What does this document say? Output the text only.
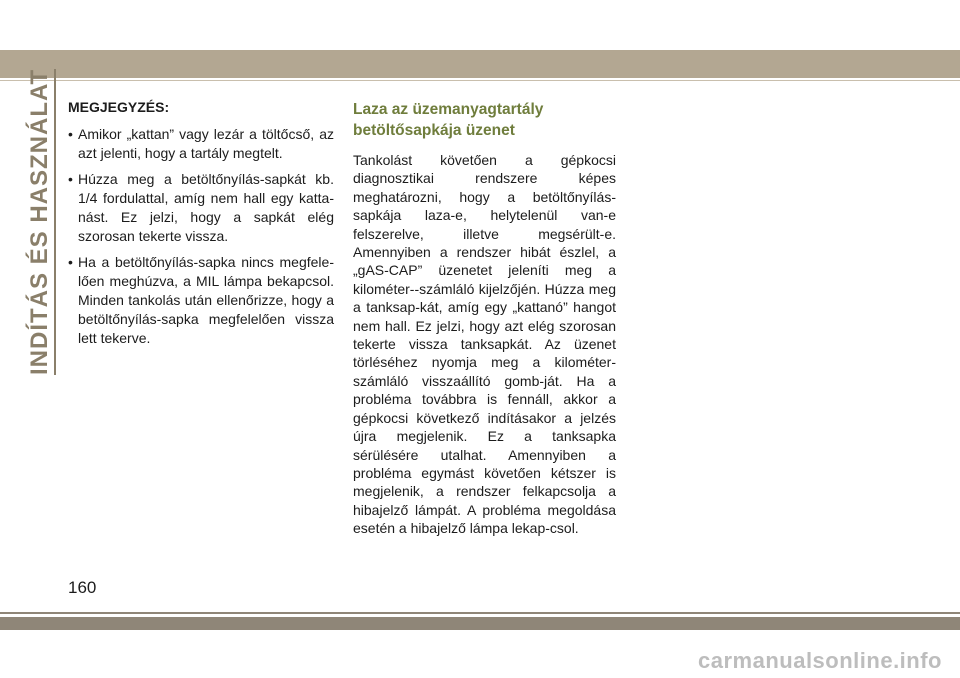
INDÍTÁS ÉS HASZNÁLAT MEGJEGYZÉS:
• Amikor „kattan” vagy lezár a töltőcső, az azt jelenti, hogy a tartály megtelt.
• Húzza meg a betöltőnyílás-sapkát kb. 1/4 fordulattal, amíg nem hall egy katta-nást. Ez jelzi, hogy a sapkát elég szorosan tekerte vissza.
• Ha a betöltőnyílás-sapka nincs megfele-lően meghúzva, a MIL lámpa bekapcsol. Minden tankolás után ellenőrizze, hogy a betöltőnyílás-sapka megfelelően vissza lett tekerve.
Laza az üzemanyagtartály betöltősapkája üzenet

Tankolást követően a gépkocsi diagnosztikai rendszere képes meghatározni, hogy a betöltőnyílás-sapkája laza-e, helytelenül van-e felszerelve, illetve megsérült-e. Amennyiben a rendszer hibát észlel, a „gAS-CAP” üzenetet jeleníti meg a kilométer--számláló kijelzőjén. Húzza meg a tanksap-kát, amíg egy „kattanó” hangot nem hall. Ez jelzi, hogy azt elég szorosan tekerte vissza tanksapkát. Az üzenet törléséhez nyomja meg a kilométer-számláló visszaállító gomb-ját. Ha a probléma továbbra is fennáll, akkor a gépkocsi következő indításakor a jelzés újra megjelenik. Ez a tanksapka sérülésére utalhat. Amennyiben a probléma egymást követően kétszer is megjelenik, a rendszer felkapcsolja a hibajelző lámpát. A probléma megoldása esetén a hibajelző lámpa lekap-csol.

160
carmanualsonline.info
